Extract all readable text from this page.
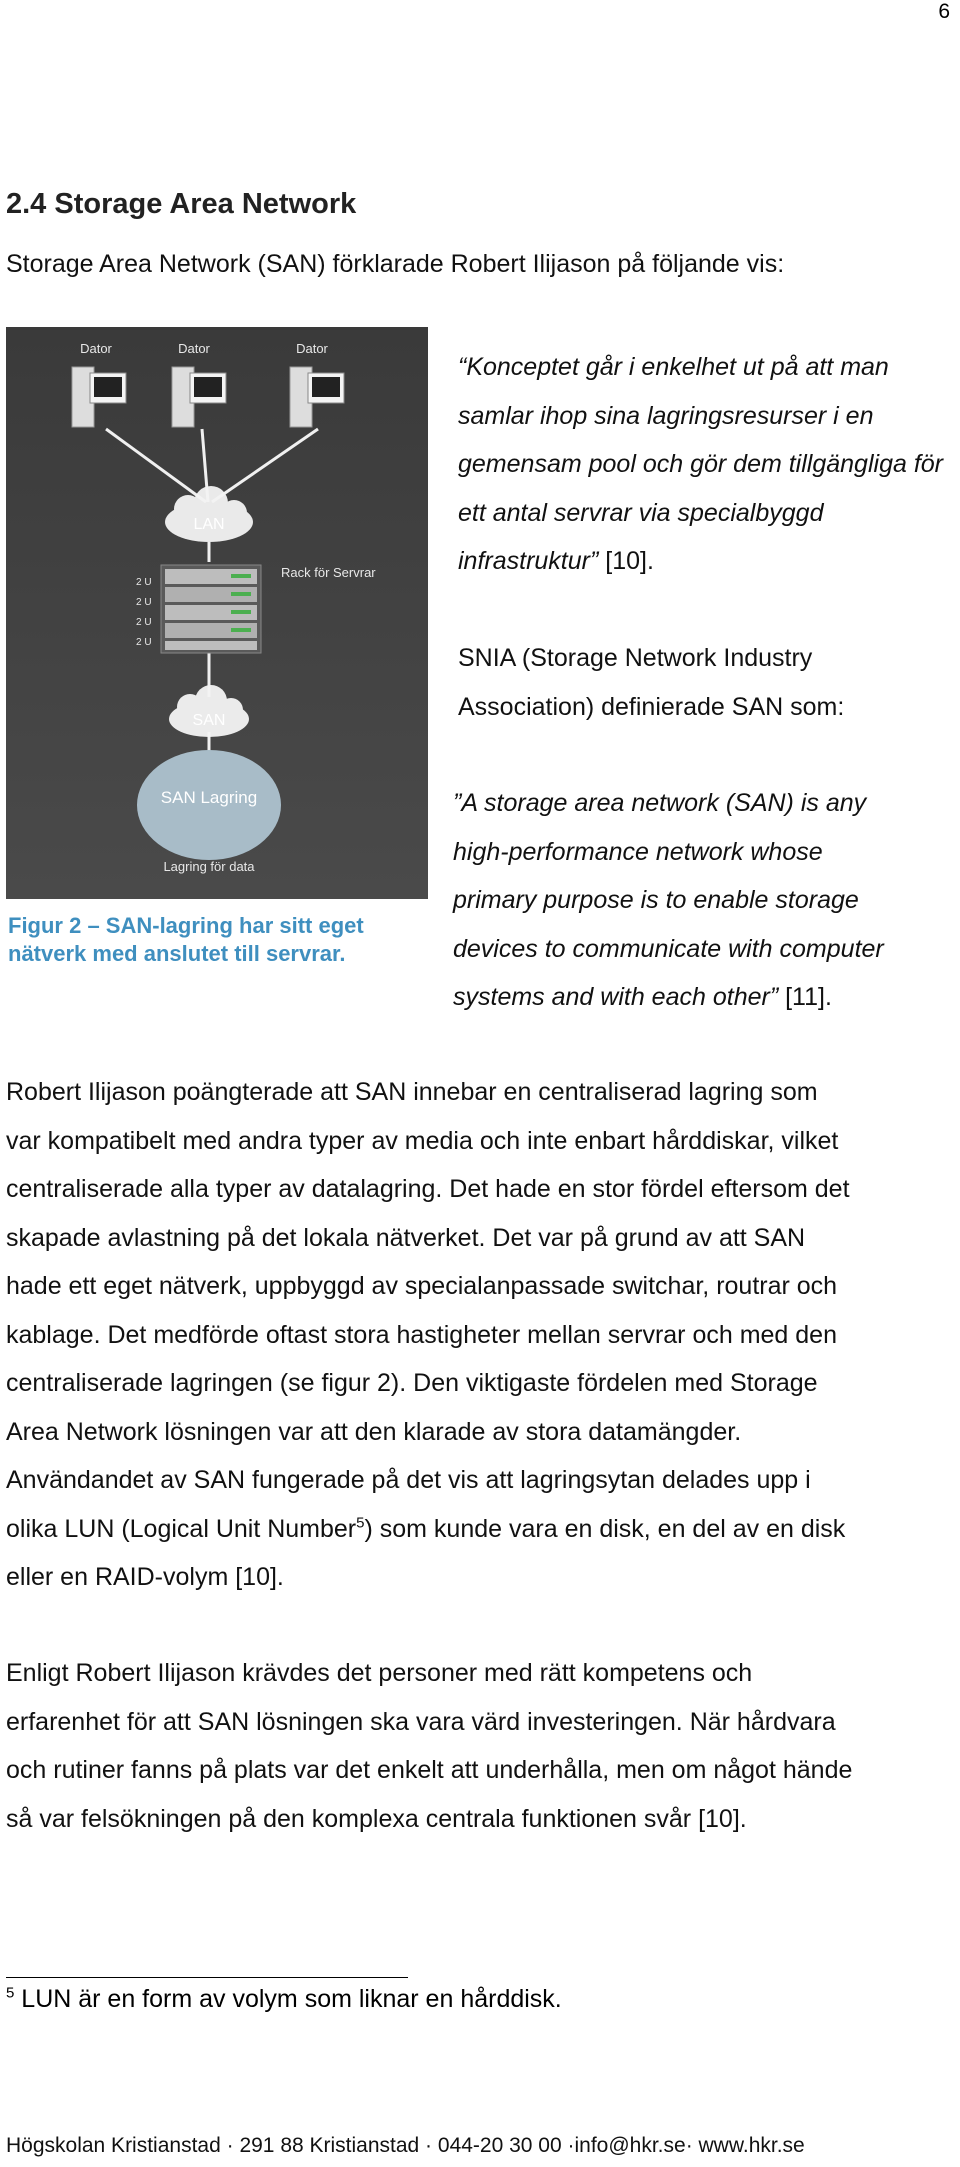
6
2.4 Storage Area Network
Storage Area Network (SAN) förklarade Robert Ilijason på följande vis:
Dator	Dator	Dator
LAN
Rack för Servrar
2 U
2 U
2 U
2 U
SAN
SAN Lagring
Lagring för data
Figur 2 – SAN-lagring har sitt eget
nätverk med anslutet till servrar.
“Konceptet går i enkelhet ut på att man samlar ihop sina lagringsresurser i en gemensam pool och gör dem tillgängliga för ett antal servrar via specialbyggd infrastruktur” [10].
SNIA (Storage Network Industry Association) definierade SAN som:
”A storage area network (SAN) is any
high-performance network whose
primary purpose is to enable storage
devices to communicate with computer
systems and with each other” [11].
Robert Ilijason poängterade att SAN innebar en centraliserad lagring som
var kompatibelt med andra typer av media och inte enbart hårddiskar, vilket
centraliserade alla typer av datalagring. Det hade en stor fördel eftersom det
skapade avlastning på det lokala nätverket. Det var på grund av att SAN
hade ett eget nätverk, uppbyggd av specialanpassade switchar, routrar och
kablage. Det medförde oftast stora hastigheter mellan servrar och med den
centraliserade lagringen (se figur 2). Den viktigaste fördelen med Storage
Area Network lösningen var att den klarade av stora datamängder.
Användandet av SAN fungerade på det vis att lagringsytan delades upp i
olika LUN (Logical Unit Number$^5$) som kunde vara en disk, en del av en disk
eller en RAID-volym [10].
Enligt Robert Ilijason krävdes det personer med rätt kompetens och
erfarenhet för att SAN lösningen ska vara värd investeringen. När hårdvara
och rutiner fanns på plats var det enkelt att underhålla, men om något hände
så var felsökningen på den komplexa centrala funktionen svår [10].
$^5$ LUN är en form av volym som liknar en hårddisk.
Högskolan Kristianstad · 291 88 Kristianstad · 044-20 30 00 ·info@hkr.se· www.hkr.se
